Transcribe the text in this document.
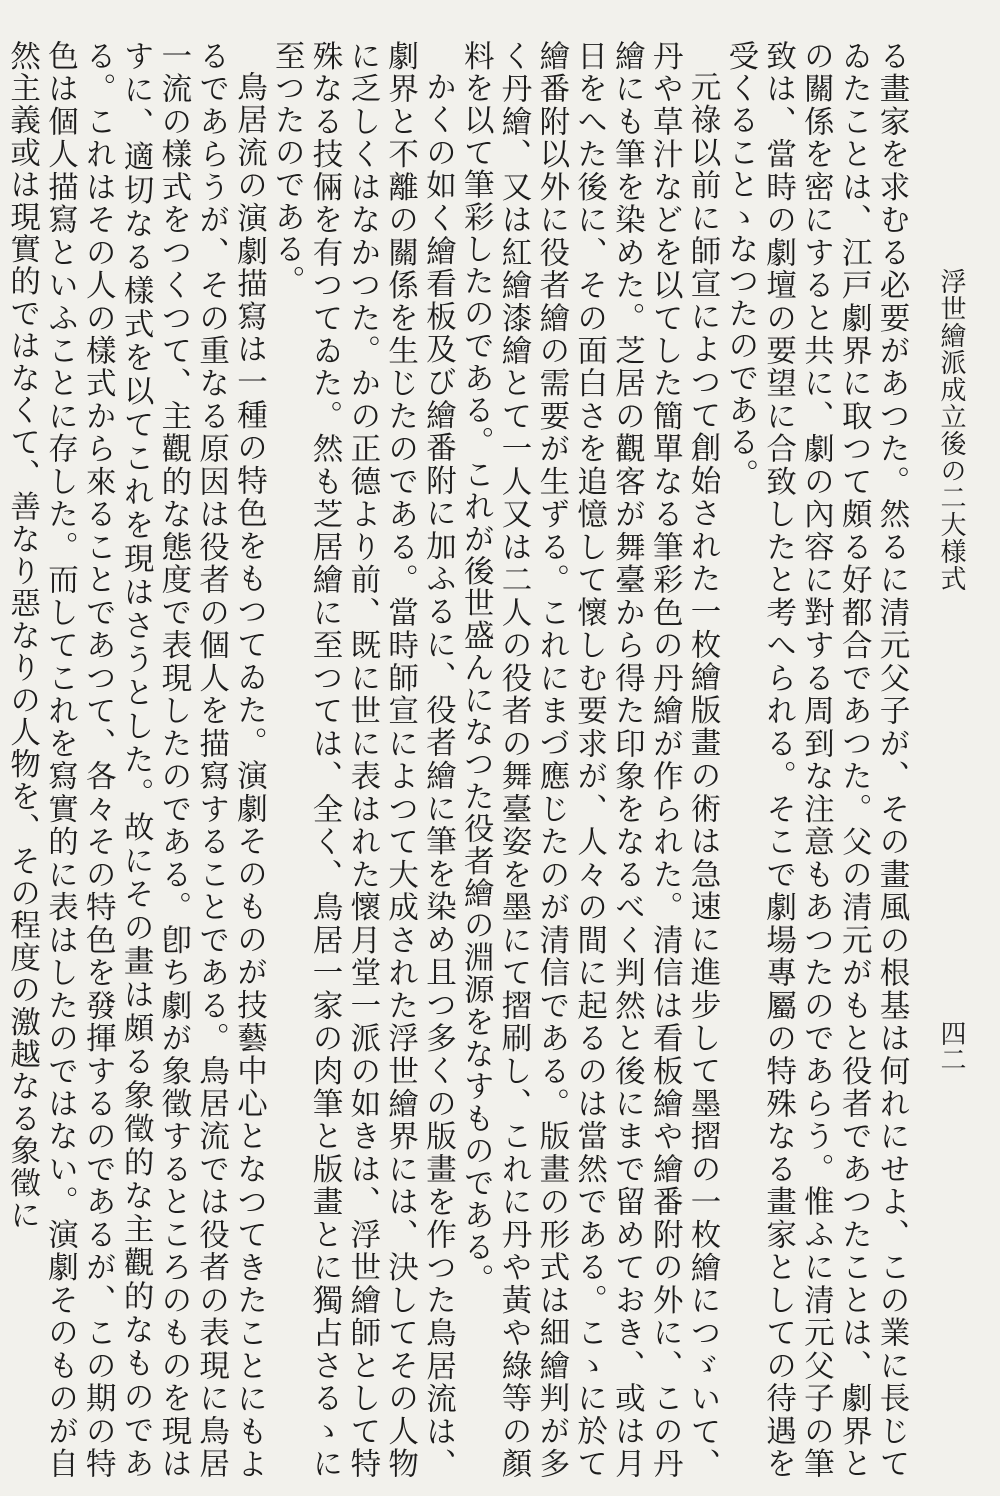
浮世繪派成立後の二大様式
四二

る畫家を求むる必要があつた。然るに清元父子が、その畫風の根基は何れにせよ、この業に長じてゐたことは、江戸劇界に取つて頗る好都合であつた。父の清元がもと役者であつたことは、劇界との關係を密にすると共に、劇の內容に對する周到な注意もあつたのであらう。惟ふに清元父子の筆致は、當時の劇壇の要望に合致したと考へられる。そこで劇場專屬の特殊なる畫家としての待遇を受くることゝなつたのである。

元祿以前に師宣によつて創始された一枚繪版畫の術は急速に進步して墨摺の一枚繪につゞいて、丹や草汁などを以てした簡單なる筆彩色の丹繪が作られた。清信は看板繪や繪番附の外に、この丹繪にも筆を染めた。芝居の觀客が舞臺から得た印象をなるべく判然と後にまで留めておき、或は月日をへた後に、その面白さを追憶して懷しむ要求が、人々の間に起るのは當然である。こゝに於て繪番附以外に役者繪の需要が生ずる。これにまづ應じたのが清信である。版畫の形式は細繪判が多く丹繪、又は紅繪漆繪とて一人又は二人の役者の舞臺姿を墨にて摺刷し、これに丹や黃や綠等の顏料を以て筆彩したのである。これが後世盛んになつた役者繪の淵源をなすものである。

かくの如く繪看板及び繪番附に加ふるに、役者繪に筆を染め且つ多くの版畫を作つた鳥居流は、劇界と不離の關係を生じたのである。當時師宣によつて大成された浮世繪界には、決してその人物に乏しくはなかつた。かの正德より前、既に世に表はれた懷月堂一派の如きは、浮世繪師として特殊なる技倆を有つてゐた。然も芝居繪に至つては、全く、鳥居一家の肉筆と版畫とに獨占さるゝに至つたのである。

鳥居流の演劇描寫は一種の特色をもつてゐた。演劇そのものが技藝中心となつてきたことにもよるであらうが、その重なる原因は役者の個人を描寫することである。鳥居流では役者の表現に鳥居一流の樣式をつくつて、主觀的な態度で表現したのである。卽ち劇が象徵するところのものを現はすに、適切なる樣式を以てこれを現はさうとした。故にその畫は頗る象徵的な主觀的なものである。これはその人の樣式から來ることであつて、各々その特色を發揮するのであるが、この期の特色は個人描寫といふことに存した。而してこれを寫實的に表はしたのではない。演劇そのものが自然主義或は現實的ではなくて、善なり惡なりの人物を、その程度の激越なる象徵に
